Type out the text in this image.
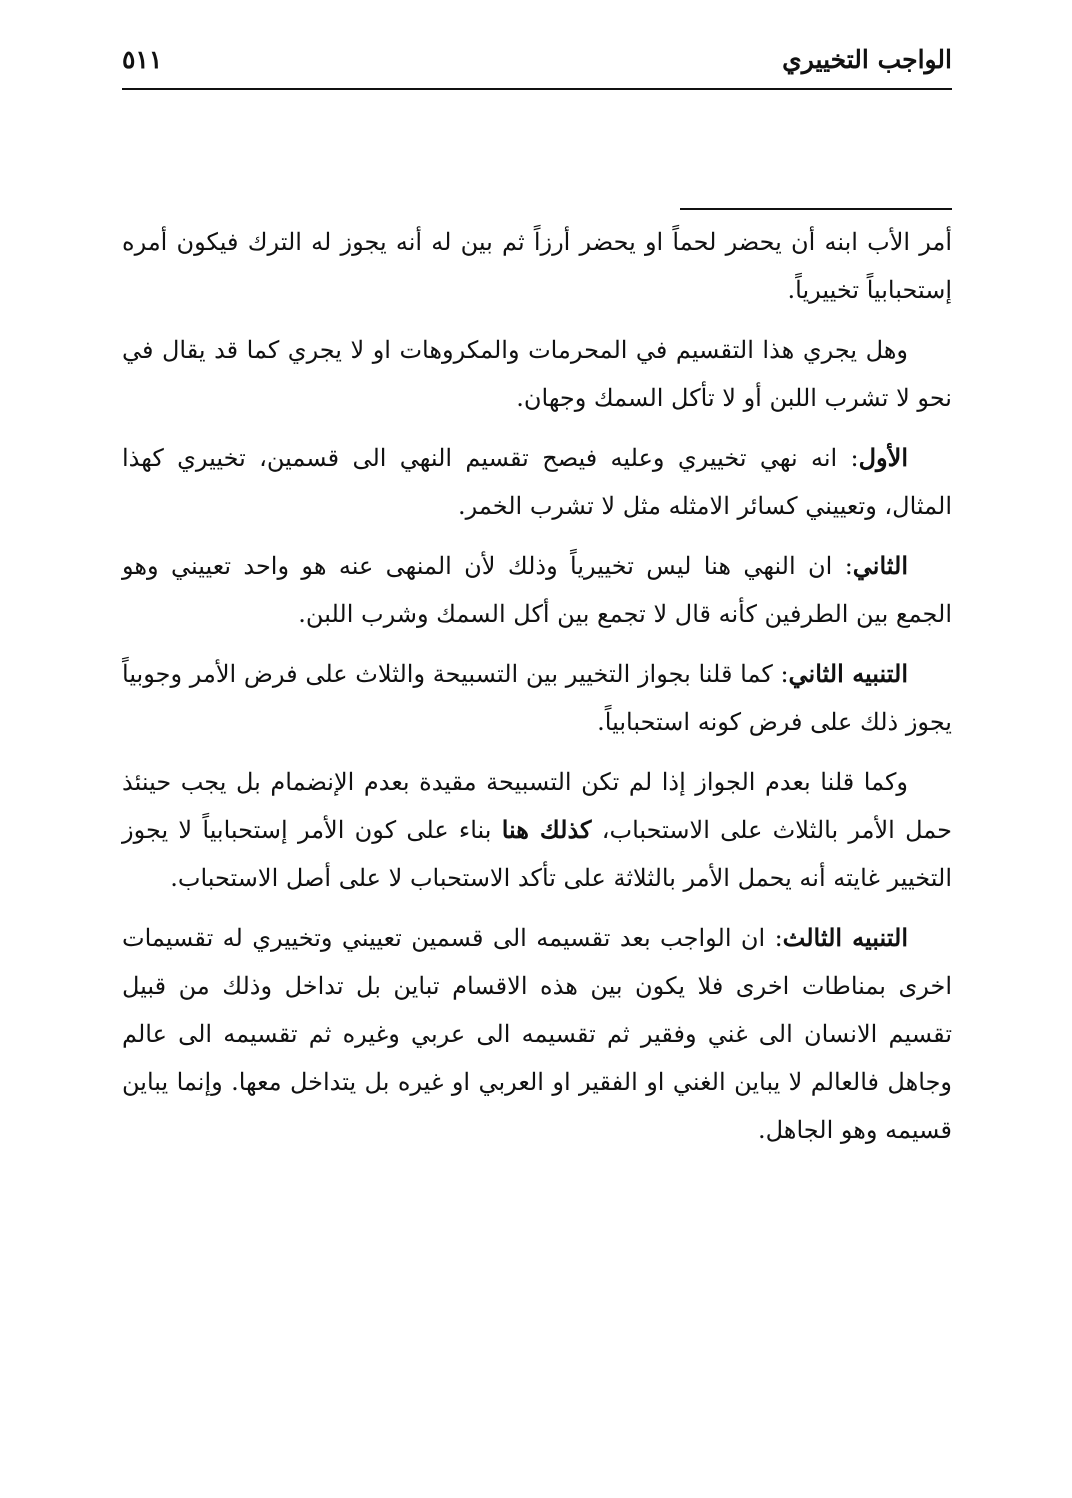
الواجب التخييري
٥١١

أمر الأب ابنه أن يحضر لحماً او يحضر أرزاً ثم بين له أنه يجوز له الترك فيكون أمره إستحبابياً تخييرياً.

وهل يجري هذا التقسيم في المحرمات والمكروهات او لا يجري كما قد يقال في نحو لا تشرب اللبن أو لا تأكل السمك وجهان.

الأول: انه نهي تخييري وعليه فيصح تقسيم النهي الى قسمين، تخييري كهذا المثال، وتعييني كسائر الامثله مثل لا تشرب الخمر.

الثاني: ان النهي هنا ليس تخييرياً وذلك لأن المنهى عنه هو واحد تعييني وهو الجمع بين الطرفين كأنه قال لا تجمع بين أكل السمك وشرب اللبن.

التنبيه الثاني: كما قلنا بجواز التخيير بين التسبيحة والثلاث على فرض الأمر وجوبياً يجوز ذلك على فرض كونه استحبابياً.

وكما قلنا بعدم الجواز إذا لم تكن التسبيحة مقيدة بعدم الإنضمام بل يجب حينئذ حمل الأمر بالثلاث على الاستحباب، كذلك هنا بناء على كون الأمر إستحبابياً لا يجوز التخيير غايته أنه يحمل الأمر بالثلاثة على تأكد الاستحباب لا على أصل الاستحباب.

التنبيه الثالث: ان الواجب بعد تقسيمه الى قسمين تعييني وتخييري له تقسيمات اخرى بمناطات اخرى فلا يكون بين هذه الاقسام تباين بل تداخل وذلك من قبيل تقسيم الانسان الى غني وفقير ثم تقسيمه الى عربي وغيره ثم تقسيمه الى عالم وجاهل فالعالم لا يباين الغني او الفقير او العربي او غيره بل يتداخل معها. وإنما يباين قسيمه وهو الجاهل.
